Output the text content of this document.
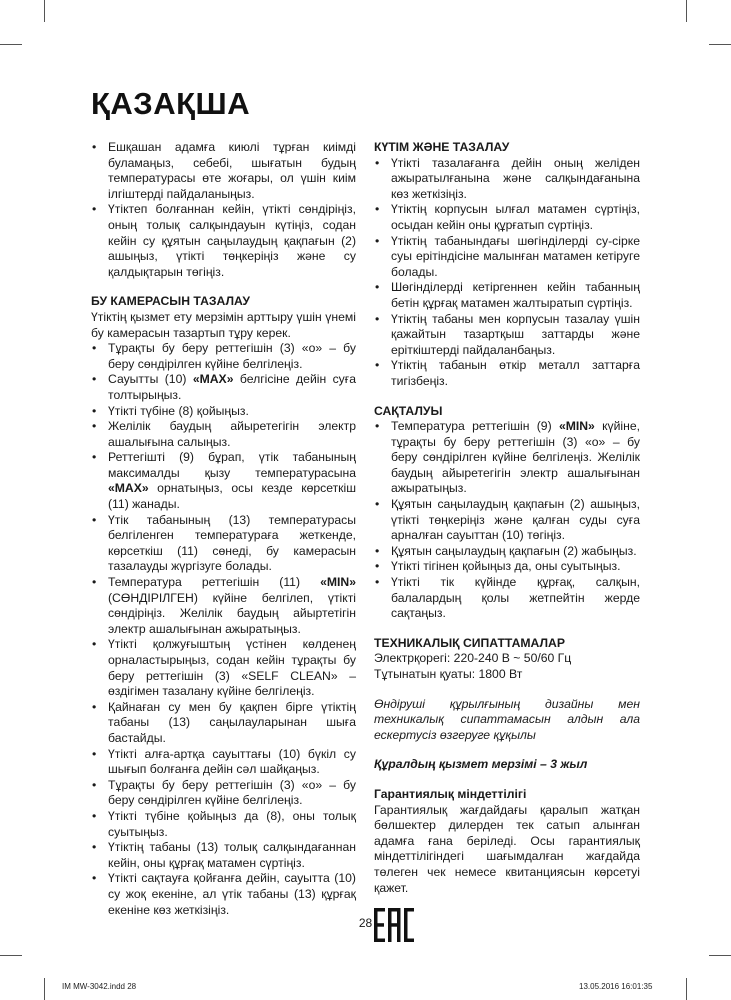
ҚАЗАҚША
• Ешқашан адамға киюлі тұрған киімді буламаңыз, себебі, шығатын будың температурасы өте жоғары, ол үшін киім ілгіштерді пайдаланыңыз.
• Үтіктеп болғаннан кейін, үтікті сөндіріңіз, оның толық салқындауын күтіңіз, содан кейін су құятын саңылаудың қақпағын (2) ашыңыз, үтікті төңкеріңіз және су қалдықтарын төгіңіз.
БУ КАМЕРАСЫН ТАЗАЛАУ

Үтіктің қызмет ету мерзімін арттыру үшін үнемі бу камерасын тазартып тұру керек.

• Тұрақты бу беру реттегішін (3) «о» – бу беру сөндірілген күйіне белгілеңіз.
• Сауытты (10) «MAX» белгісіне дейін суға толтырыңыз.
• Үтікті түбіне (8) қойыңыз.
• Желілік баудың айыретегігін электр ашалығына салыңыз.
• Реттегішті (9) бұрап, үтік табанының максималды қызу температурасына «MAX» орнатыңыз, осы кезде көрсеткіш (11) жанады.
• Үтік табанының (13) температурасы белгіленген температураға жеткенде, көрсеткіш (11) сөнеді, бу камерасын тазалауды жүргізуге болады.
• Температура реттегішін (11) «MIN» (СӨНДІРІЛГЕН) күйіне белгілеп, үтікті сөндіріңіз. Желілік баудың айыртетігін электр ашалығынан ажыратыңыз.
• Үтікті қолжуғыштың үстінен көлденең орналастырыңыз, содан кейін тұрақты бу беру реттегішін (3) «SELF CLEAN» – өздігімен тазалану күйіне белгілеңіз.
• Қайнаған су мен бу қақпен бірге үтіктің табаны (13) саңылауларынан шыға бастайды.
• Үтікті алға-артқа сауыттағы (10) бүкіл су шығып болғанға дейін сәл шайқаңыз.
• Тұрақты бу беру реттегішін (3) «о» – бу беру сөндірілген күйіне белгілеңіз.
• Үтікті түбіне қойыңыз да (8), оны толық суытыңыз.
• Үтіктің табаны (13) толық салқындағаннан кейін, оны құрғақ матамен сүртіңіз.
• Үтікті сақтауға қойғанға дейін, сауытта (10) су жоқ екеніне, ал үтік табаны (13) құрғақ екеніне көз жеткізіңіз.
КҮТІМ ЖӘНЕ ТАЗАЛАУ
• Үтікті тазалағанға дейін оның желіден ажыратылғанына және салқындағанына көз жеткізіңіз.
• Үтіктің корпусын ылғал матамен сүртіңіз, осыдан кейін оны құрғатып сүртіңіз.
• Үтіктің табанындағы шөгінділерді су-сірке суы ерітіндісіне малынған матамен кетіруге болады.
• Шөгінділерді кетіргеннен кейін табанның бетін құрғақ матамен жалтыратып сүртіңіз.
• Үтіктің табаны мен корпусын тазалау үшін қажайтын тазартқыш заттарды және еріткіштерді пайдаланбаңыз.
• Үтіктің табанын өткір металл заттарға тигізбеңіз.
САҚТАЛУЫ
• Температура реттегішін (9) «MIN» күйіне, тұрақты бу беру реттегішін (3) «о» – бу беру сөндірілген күйіне белгілеңіз. Желілік баудың айыретегігін электр ашалығынан ажыратыңыз.
• Құятын саңылаудың қақпағын (2) ашыңыз, үтікті төңкеріңіз және қалған суды суға арналған сауыттан (10) төгіңіз.
• Құятын саңылаудың қақпағын (2) жабыңыз.
• Үтікті тігінен қойыңыз да, оны суытыңыз.
• Үтікті тік күйінде құрғақ, салқын, балалардың қолы жетпейтін жерде сақтаңыз.
ТЕХНИКАЛЫҚ СИПАТТАМАЛАР

Электрқорегі: 220-240 В ~ 50/60 Гц

Тұтынатын қуаты: 1800 Вт

Өндіруші құрылғының дизайны мен техникалық сипаттамасын алдын ала ескертусіз өзгеруге құқылы

Құралдың қызмет мерзімі – 3 жыл

Гарантиялық міндеттілігі

Гарантиялық жағдайдағы қаралып жатқан бөлшектер дилерден тек сатып алынған адамға ғана беріледі. Осы гарантиялық міндеттілігіндегі шағымдалған жағдайда төлеген чек немесе квитанциясын көрсетуі қажет.

28
IM MW-3042.indd 28	13.05.2016 16:01:35
